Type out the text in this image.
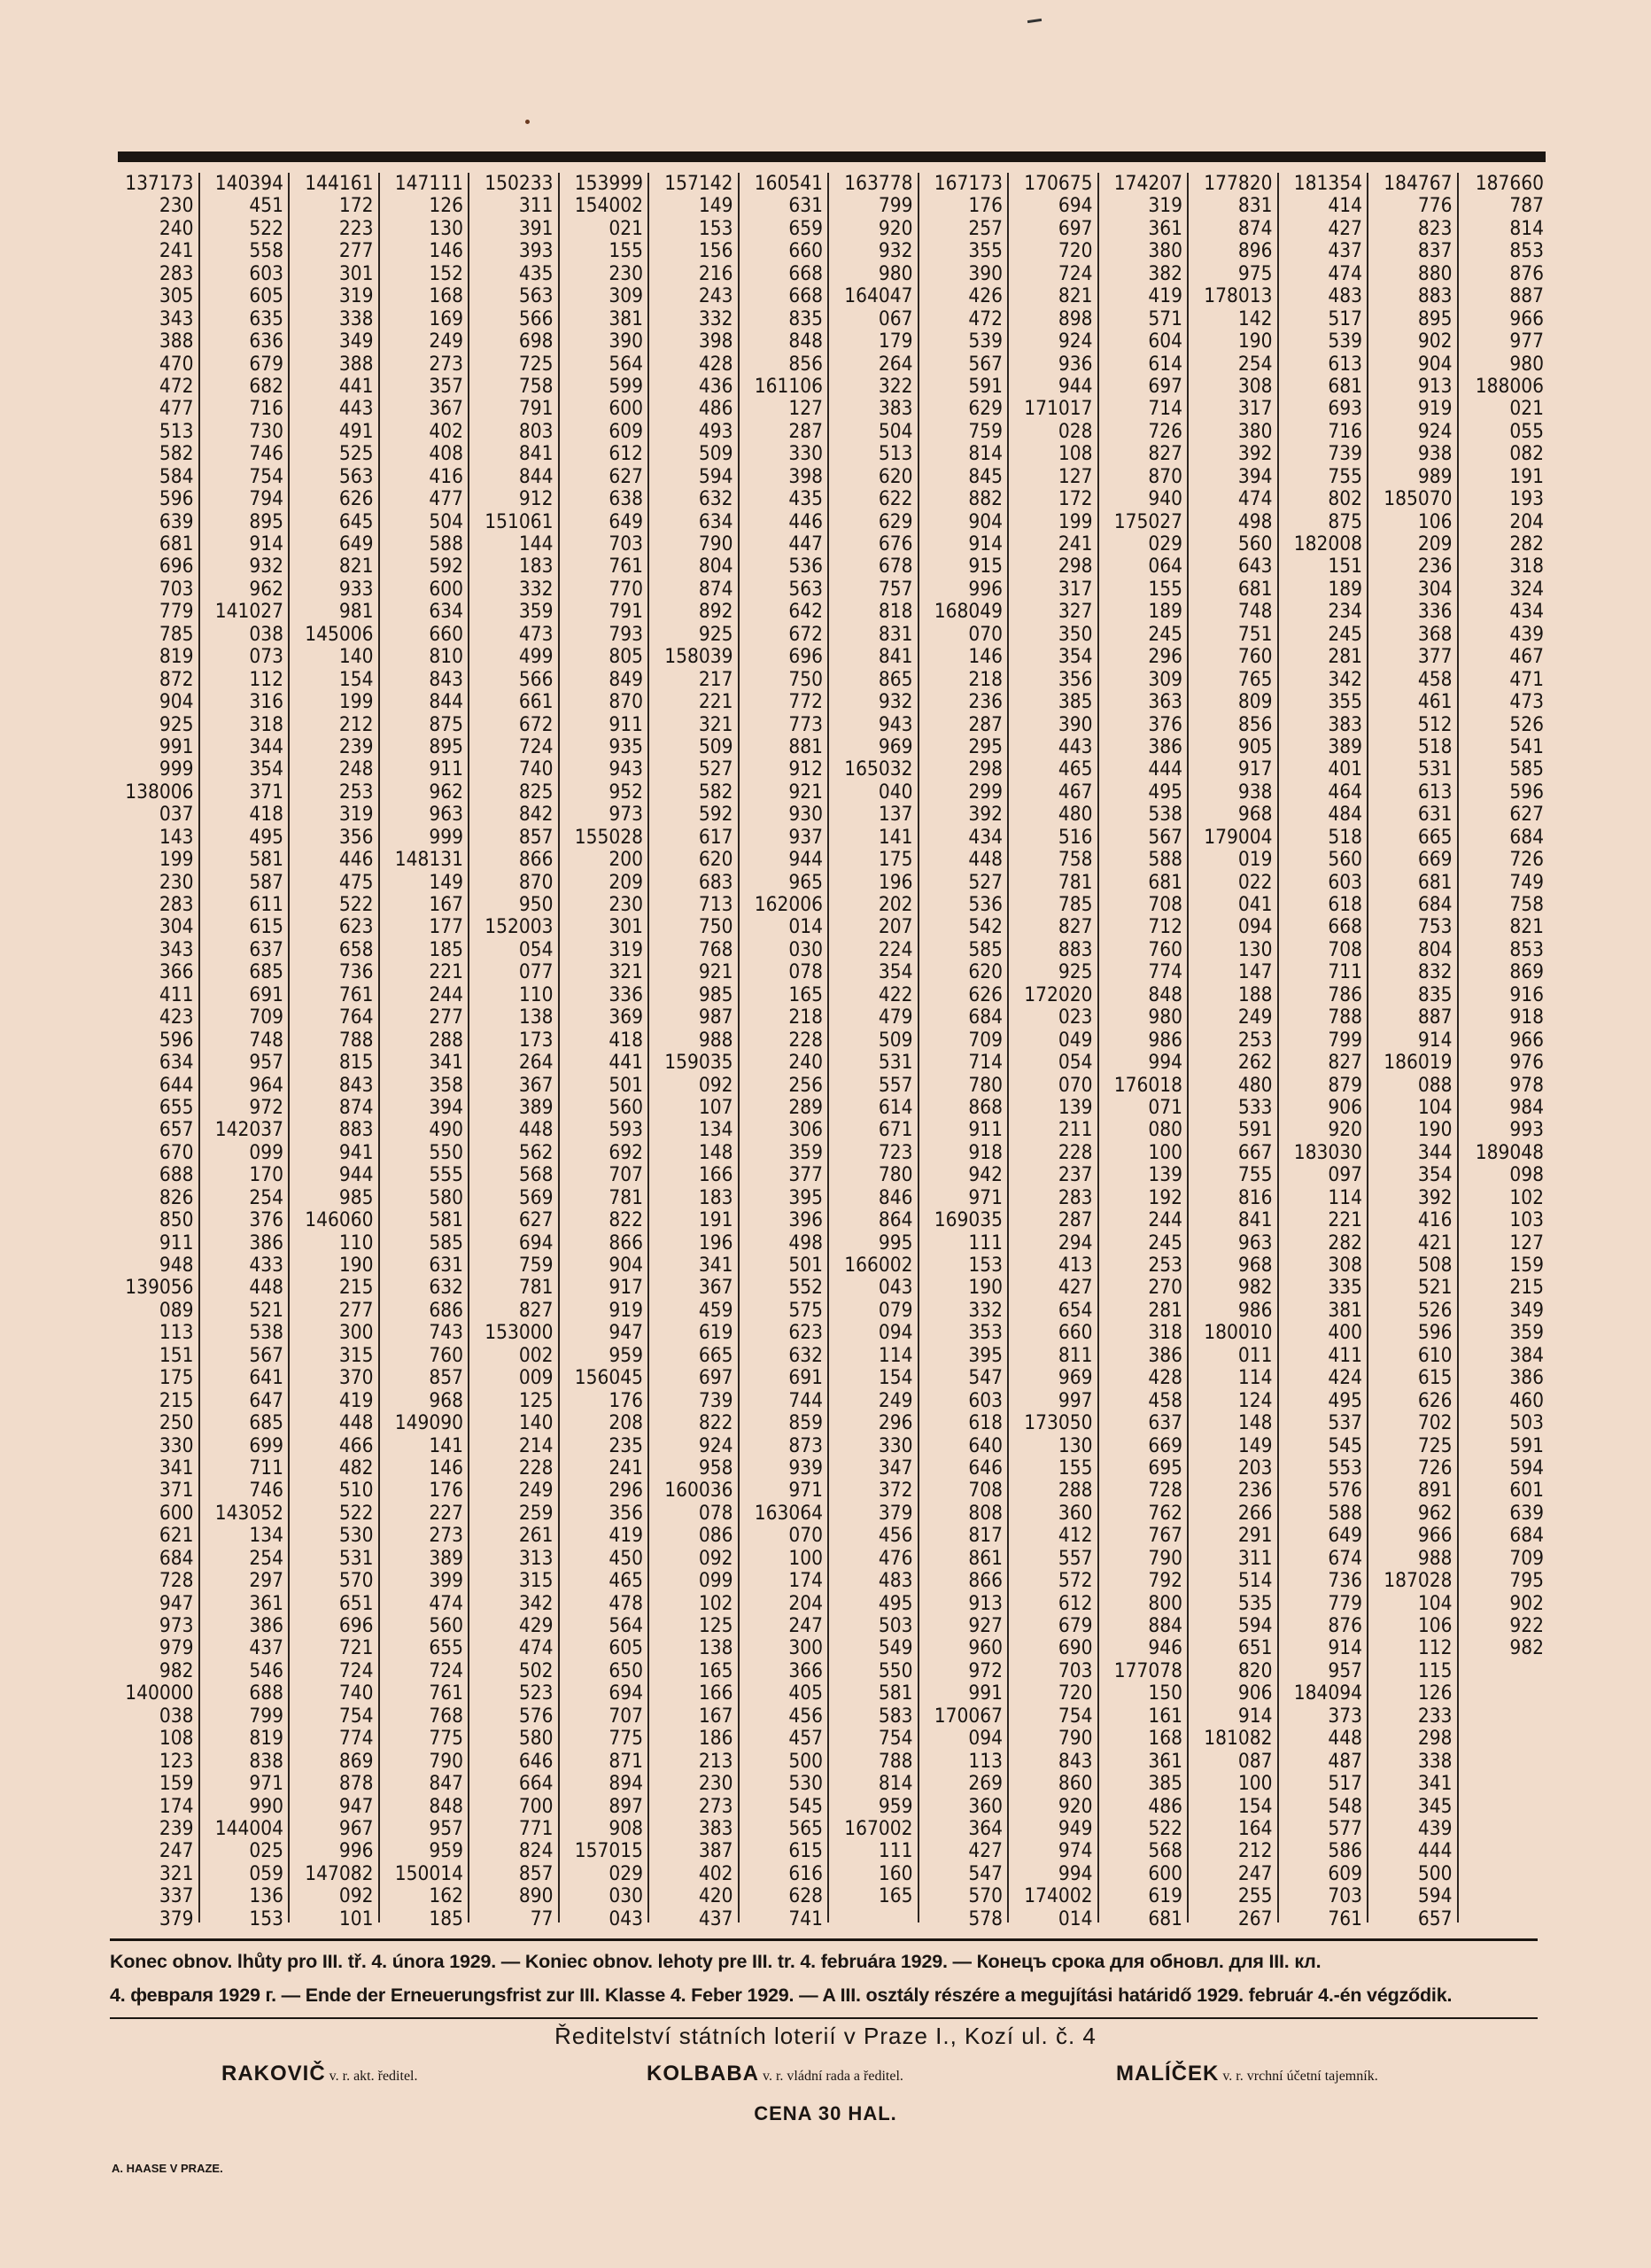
137173
230
240
241
283
305
343
388
470
472
477
513
582
584
596
639
681
696
703
779
785
819
872
904
925
991
999
138006
037
143
199
230
283
304
343
366
411
423
596
634
644
655
657
670
688
826
850
911
948
139056
089
113
151
175
215
250
330
341
371
600
621
684
728
947
973
979
982
140000
038
108
123
159
174
239
247
321
337
379
140394
451
522
558
603
605
635
636
679
682
716
730
746
754
794
895
914
932
962
141027
038
073
112
316
318
344
354
371
418
495
581
587
611
615
637
685
691
709
748
957
964
972
142037
099
170
254
376
386
433
448
521
538
567
641
647
685
699
711
746
143052
134
254
297
361
386
437
546
688
799
819
838
971
990
144004
025
059
136
153
144161
172
223
277
301
319
338
349
388
441
443
491
525
563
626
645
649
821
933
981
145006
140
154
199
212
239
248
253
319
356
446
475
522
623
658
736
761
764
788
815
843
874
883
941
944
985
146060
110
190
215
277
300
315
370
419
448
466
482
510
522
530
531
570
651
696
721
724
740
754
774
869
878
947
967
996
147082
092
101
147111
126
130
146
152
168
169
249
273
357
367
402
408
416
477
504
588
592
600
634
660
810
843
844
875
895
911
962
963
999
148131
149
167
177
185
221
244
277
288
341
358
394
490
550
555
580
581
585
631
632
686
743
760
857
968
149090
141
146
176
227
273
389
399
474
560
655
724
761
768
775
790
847
848
957
959
150014
162
185
150233
311
391
393
435
563
566
698
725
758
791
803
841
844
912
151061
144
183
332
359
473
499
566
661
672
724
740
825
842
857
866
870
950
152003
054
077
110
138
173
264
367
389
448
562
568
569
627
694
759
781
827
153000
002
009
125
140
214
228
249
259
261
313
315
342
429
474
502
523
576
580
646
664
700
771
824
857
890
77
153999
154002
021
155
230
309
381
390
564
599
600
609
612
627
638
649
703
761
770
791
793
805
849
870
911
935
943
952
973
155028
200
209
230
301
319
321
336
369
418
441
501
560
593
692
707
781
822
866
904
917
919
947
959
156045
176
208
235
241
296
356
419
450
465
478
564
605
650
694
707
775
871
894
897
908
157015
029
030
043
157142
149
153
156
216
243
332
398
428
436
486
493
509
594
632
634
790
804
874
892
925
158039
217
221
321
509
527
582
592
617
620
683
713
750
768
921
985
987
988
159035
092
107
134
148
166
183
191
196
341
367
459
619
665
697
739
822
924
958
160036
078
086
092
099
102
125
138
165
166
167
186
213
230
273
383
387
402
420
437
160541
631
659
660
668
668
835
848
856
161106
127
287
330
398
435
446
447
536
563
642
672
696
750
772
773
881
912
921
930
937
944
965
162006
014
030
078
165
218
228
240
256
289
306
359
377
395
396
498
501
552
575
623
632
691
744
859
873
939
971
163064
070
100
174
204
247
300
366
405
456
457
500
530
545
565
615
616
628
741
163778
799
920
932
980
164047
067
179
264
322
383
504
513
620
622
629
676
678
757
818
831
841
865
932
943
969
165032
040
137
141
175
196
202
207
224
354
422
479
509
531
557
614
671
723
780
846
864
995
166002
043
079
094
114
154
249
296
330
347
372
379
456
476
483
495
503
549
550
581
583
754
788
814
959
167002
111
160
165
167173
176
257
355
390
426
472
539
567
591
629
759
814
845
882
904
914
915
996
168049
070
146
218
236
287
295
298
299
392
434
448
527
536
542
585
620
626
684
709
714
780
868
911
918
942
971
169035
111
153
190
332
353
395
547
603
618
640
646
708
808
817
861
866
913
927
960
972
991
170067
094
113
269
360
364
427
547
570
578
170675
694
697
720
724
821
898
924
936
944
171017
028
108
127
172
199
241
298
317
327
350
354
356
385
390
443
465
467
480
516
758
781
785
827
883
925
172020
023
049
054
070
139
211
228
237
283
287
294
413
427
654
660
811
969
997
173050
130
155
288
360
412
557
572
612
679
690
703
720
754
790
843
860
920
949
974
994
174002
014
174207
319
361
380
382
419
571
604
614
697
714
726
827
870
940
175027
029
064
155
189
245
296
309
363
376
386
444
495
538
567
588
681
708
712
760
774
848
980
986
994
176018
071
080
100
139
192
244
245
253
270
281
318
386
428
458
637
669
695
728
762
767
790
792
800
884
946
177078
150
161
168
361
385
486
522
568
600
619
681
177820
831
874
896
975
178013
142
190
254
308
317
380
392
394
474
498
560
643
681
748
751
760
765
809
856
905
917
938
968
179004
019
022
041
094
130
147
188
249
253
262
480
533
591
667
755
816
841
963
968
982
986
180010
011
114
124
148
149
203
236
266
291
311
514
535
594
651
820
906
914
181082
087
100
154
164
212
247
255
267
181354
414
427
437
474
483
517
539
613
681
693
716
739
755
802
875
182008
151
189
234
245
281
342
355
383
389
401
464
484
518
560
603
618
668
708
711
786
788
799
827
879
906
920
183030
097
114
221
282
308
335
381
400
411
424
495
537
545
553
576
588
649
674
736
779
876
914
957
184094
373
448
487
517
548
577
586
609
703
761
184767
776
823
837
880
883
895
902
904
913
919
924
938
989
185070
106
209
236
304
336
368
377
458
461
512
518
531
613
631
665
669
681
684
753
804
832
835
887
914
186019
088
104
190
344
354
392
416
421
508
521
526
596
610
615
626
702
725
726
891
962
966
988
187028
104
106
112
115
126
233
298
338
341
345
439
444
500
594
657
187660
787
814
853
876
887
966
977
980
188006
021
055
082
191
193
204
282
318
324
434
439
467
471
473
526
541
585
596
627
684
726
749
758
821
853
869
916
918
966
976
978
984
993
189048
098
102
103
127
159
215
349
359
384
386
460
503
591
594
601
639
684
709
795
902
922
982
Konec obnov. lhůty pro III. tř. 4. února 1929. — Koniec obnov. lehoty pre III. tr. 4. februára 1929. — Конецъ срока для обновл. для III. кл.
4. февраля 1929 г. — Ende der Erneuerungsfrist zur III. Klasse 4. Feber 1929. — A III. osztály részére a megujítási határidő 1929. február 4.-én végződik.
Ředitelství státních loterií v Praze I., Kozí ul. č. 4
RAKOVIČ v. r. akt. ředitel.	KOLBABA v. r. vládní rada a ředitel.	MALÍČEK v. r. vrchní účetní tajemník.
CENA 30 HAL.
A. HAASE V PRAZE.
